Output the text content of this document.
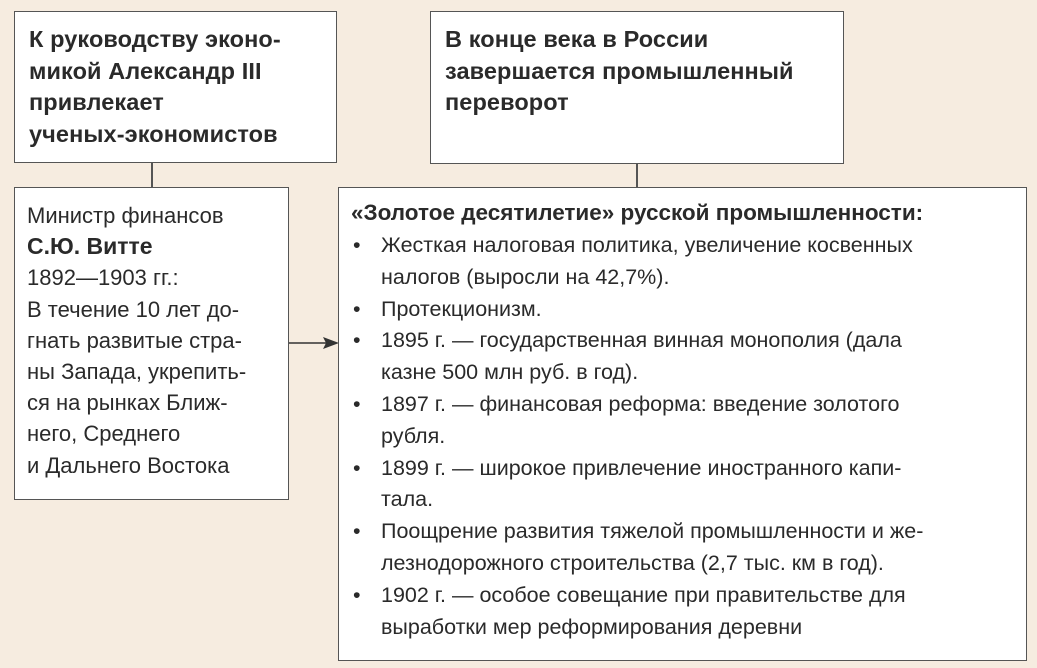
К руководству эконо-
микой Александр III
привлекает
ученых-экономистов
В конце века в России
завершается промышленный
переворот
Министр финансов
С.Ю. Витте
1892—1903 гг.:
В течение 10 лет до-
гнать развитые стра-
ны Запада, укрепить-
ся на рынках Ближ-
него, Среднего
и Дальнего Востока
«Золотое десятилетие» русской промышленности:
• Жесткая налоговая политика, увеличение косвенных
налогов (выросли на 42,7%).
• Протекционизм.
• 1895 г. — государственная винная монополия (дала
казне 500 млн руб. в год).
• 1897 г. — финансовая реформа: введение золотого
рубля.
• 1899 г. — широкое привлечение иностранного капи-
тала.
• Поощрение развития тяжелой промышленности и же-
лезнодорожного строительства (2,7 тыс. км в год).
• 1902 г. — особое совещание при правительстве для
выработки мер реформирования деревни
